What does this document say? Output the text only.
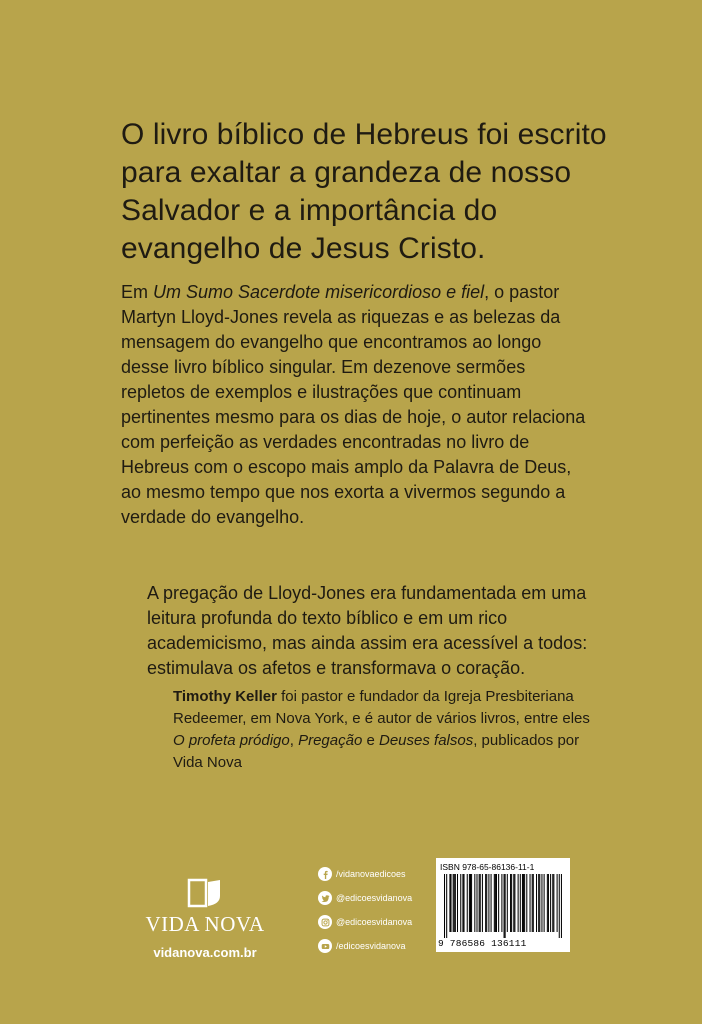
O livro bíblico de Hebreus foi escrito para exaltar a grandeza de nosso Salvador e a importância do evangelho de Jesus Cristo.
Em Um Sumo Sacerdote misericordioso e fiel, o pastor Martyn Lloyd-Jones revela as riquezas e as belezas da mensagem do evangelho que encontramos ao longo desse livro bíblico singular. Em dezenove sermões repletos de exemplos e ilustrações que continuam pertinentes mesmo para os dias de hoje, o autor relaciona com perfeição as verdades encontradas no livro de Hebreus com o escopo mais amplo da Palavra de Deus, ao mesmo tempo que nos exorta a vivermos segundo a verdade do evangelho.
A pregação de Lloyd-Jones era fundamentada em uma leitura profunda do texto bíblico e em um rico academicismo, mas ainda assim era acessível a todos: estimulava os afetos e transformava o coração.
Timothy Keller foi pastor e fundador da Igreja Presbiteriana Redeemer, em Nova York, e é autor de vários livros, entre eles O profeta pródigo, Pregação e Deuses falsos, publicados por Vida Nova
VIDA NOVA
vidanova.com.br
/vidanovaedicoes
@edicoesvidanova
@edicoesvidanova
/edicoesvidanova
ISBN 978-65-86136-11-1
9 786586 136111
